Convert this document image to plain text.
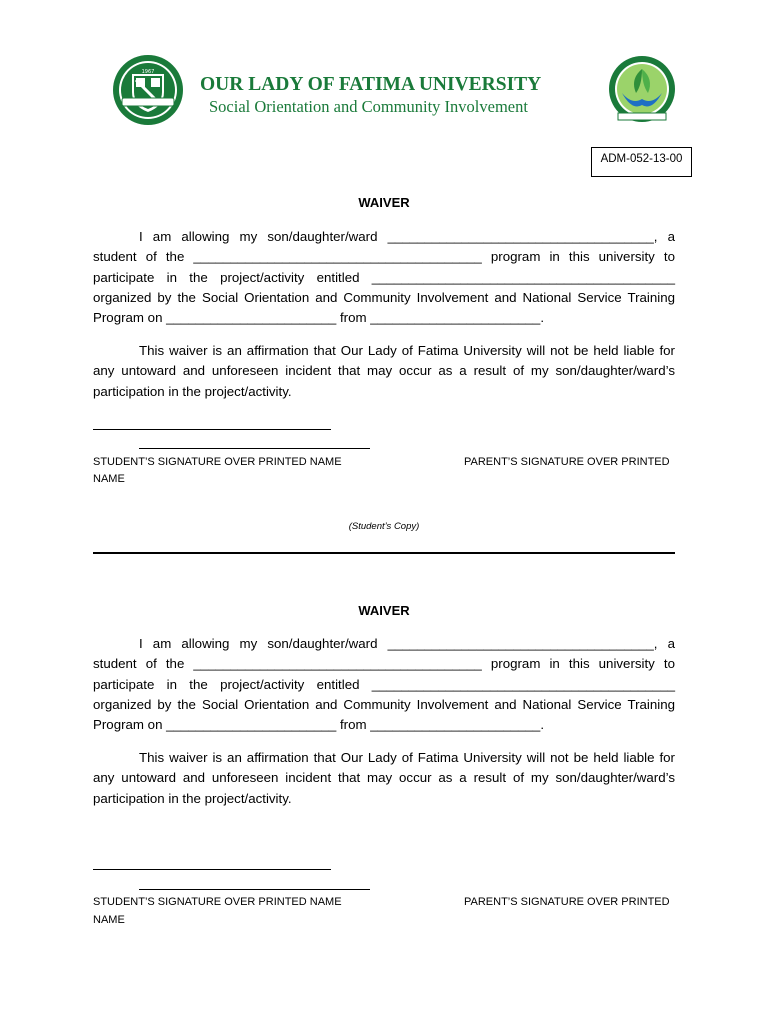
1967
OUR LADY OF FATIMA UNIVERSITY
Social Orientation and Community Involvement
ADM-052-13-00
WAIVER
I am allowing my son/daughter/ward ____________________________________, a student of the _______________________________________ program in this university to participate in the project/activity entitled _________________________________________ organized by the Social Orientation and Community Involvement and National Service Training Program on _______________________ from _______________________.
This waiver is an affirmation that Our Lady of Fatima University will not be held liable for any untoward and unforeseen incident that may occur as a result of my son/daughter/ward’s participation in the project/activity.
STUDENT’S SIGNATURE OVER PRINTED NAME	PARENT’S SIGNATURE OVER PRINTED
NAME
(Student’s Copy)
WAIVER
I am allowing my son/daughter/ward ____________________________________, a student of the _______________________________________ program in this university to participate in the project/activity entitled _________________________________________ organized by the Social Orientation and Community Involvement and National Service Training Program on _______________________ from _______________________.
This waiver is an affirmation that Our Lady of Fatima University will not be held liable for any untoward and unforeseen incident that may occur as a result of my son/daughter/ward’s participation in the project/activity.
STUDENT’S SIGNATURE OVER PRINTED NAME	PARENT’S SIGNATURE OVER PRINTED
NAME
